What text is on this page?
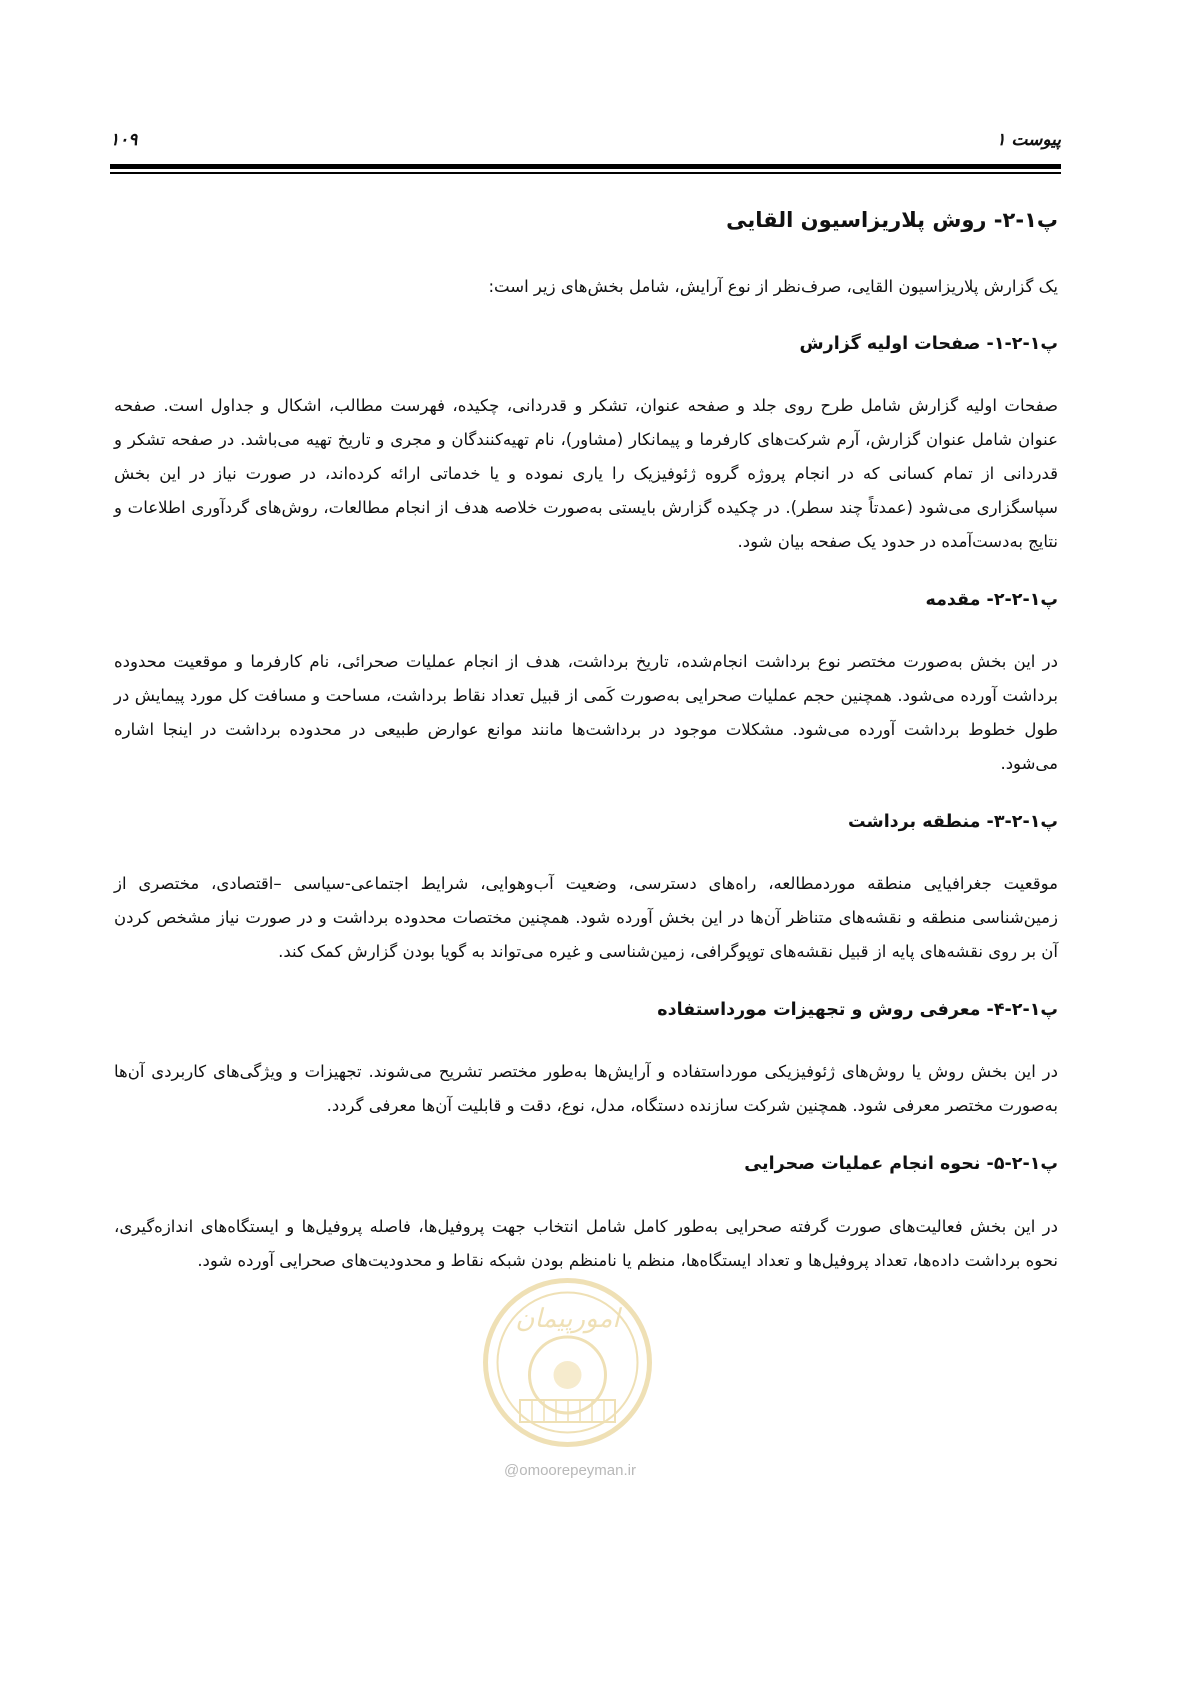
۱۰۹	پیوست ۱
پ۱-۲- روش پلاریزاسیون القایی

یک گزارش پلاریزاسیون القایی، صرف‌نظر از نوع آرایش، شامل بخش‌های زیر است:

پ۱-۲-۱- صفحات اولیه گزارش

صفحات اولیه گزارش شامل طرح روی جلد و صفحه عنوان، تشکر و قدردانی، چکیده، فهرست مطالب، اشکال و جداول است. صفحه عنوان شامل عنوان گزارش، آرم شرکت‌های کارفرما و پیمانکار (مشاور)، نام تهیه‌کنندگان و مجری و تاریخ تهیه می‌باشد. در صفحه تشکر و قدردانی از تمام کسانی که در انجام پروژه گروه ژئوفیزیک را یاری نموده و یا خدماتی ارائه کرده‌اند، در صورت نیاز در این بخش سپاسگزاری می‌شود (عمدتاً چند سطر). در چکیده گزارش بایستی به‌صورت خلاصه هدف از انجام مطالعات، روش‌های گردآوری اطلاعات و نتایج به‌دست‌آمده در حدود یک صفحه بیان شود.

پ۱-۲-۲- مقدمه

در این بخش به‌صورت مختصر نوع برداشت انجام‌شده، تاریخ برداشت، هدف از انجام عملیات صحرائی، نام کارفرما و موقعیت محدوده برداشت آورده می‌شود. همچنین حجم عملیات صحرایی به‌صورت کَمی از قبیل تعداد نقاط برداشت، مساحت و مسافت کل مورد پیمایش در طول خطوط برداشت آورده می‌شود. مشکلات موجود در برداشت‌ها مانند موانع عوارض طبیعی در محدوده برداشت در اینجا اشاره می‌شود.

پ۱-۲-۳- منطقه برداشت

موقعیت جغرافیایی منطقه موردمطالعه، راه‌های دسترسی، وضعیت آب‌وهوایی، شرایط اجتماعی-سیاسی –اقتصادی، مختصری از زمین‌شناسی منطقه و نقشه‌های متناظر آن‌ها در این بخش آورده شود. همچنین مختصات محدوده برداشت و در صورت نیاز مشخص کردن آن بر روی نقشه‌های پایه از قبیل نقشه‌های توپوگرافی، زمین‌شناسی و غیره می‌تواند به گویا بودن گزارش کمک کند.

پ۱-۲-۴- معرفی روش و تجهیزات مورداستفاده

در این بخش روش یا روش‌های ژئوفیزیکی مورداستفاده و آرایش‌ها به‌طور مختصر تشریح می‌شوند. تجهیزات و ویژگی‌های کاربردی آن‌ها به‌صورت مختصر معرفی شود. همچنین شرکت سازنده دستگاه، مدل، نوع، دقت و قابلیت آن‌ها معرفی گردد.

پ۱-۲-۵- نحوه انجام عملیات صحرایی

در این بخش فعالیت‌های صورت گرفته صحرایی به‌طور کامل شامل انتخاب جهت پروفیل‌ها، فاصله پروفیل‌ها و ایستگاه‌های اندازه‌گیری، نحوه برداشت داده‌ها، تعداد پروفیل‌ها و تعداد ایستگاه‌ها، منظم یا نامنظم بودن شبکه نقاط و محدودیت‌های صحرایی آورده شود.

امورپیمان
@omoorepeyman.ir
